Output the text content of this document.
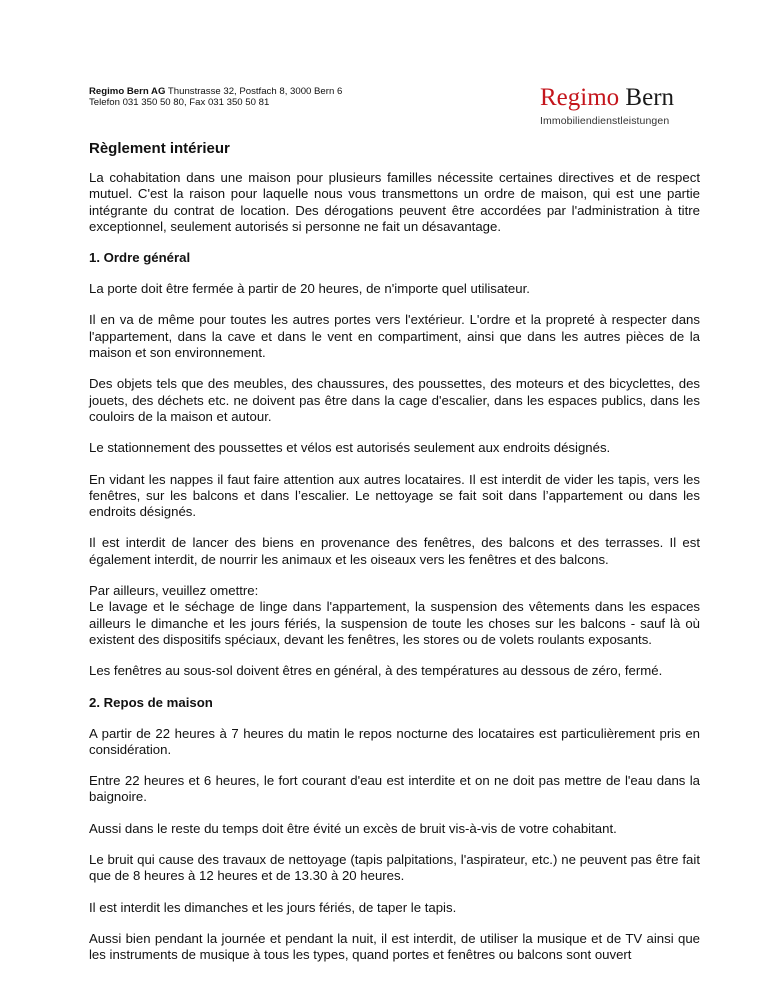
Regimo Bern AG Thunstrasse 32, Postfach 8, 3000 Bern 6
Telefon 031 350 50 80, Fax 031 350 50 81	Regimo Bern
Immobiliendienstleistungen
Règlement intérieur

La cohabitation dans une maison pour plusieurs familles nécessite certaines directives et de respect mutuel. C'est la raison pour laquelle nous vous transmettons un ordre de maison, qui est une partie intégrante du contrat de location. Des dérogations peuvent être accordées par l'administration à titre exceptionnel, seulement autorisés si personne ne fait un désavantage.

1. Ordre général

La porte doit être fermée à partir de 20 heures, de n'importe quel utilisateur.

Il en va de même pour toutes les autres portes vers l'extérieur. L'ordre et la propreté à respecter dans l'appartement, dans la cave et dans le vent en compartiment, ainsi que dans les autres pièces de la maison et son environnement.

Des objets tels que des meubles, des chaussures, des poussettes, des moteurs et des bicyclettes, des jouets, des déchets etc. ne doivent pas être dans la cage d'escalier, dans les espaces publics, dans les couloirs de la maison et autour.

Le stationnement des poussettes et vélos est autorisés seulement aux endroits désignés.

En vidant les nappes il faut faire attention aux autres locataires. Il est interdit de vider les tapis, vers les fenêtres, sur les balcons et dans l’escalier. Le nettoyage se fait soit dans l’appartement ou dans les endroits désignés.

Il est interdit de lancer des biens en provenance des fenêtres, des balcons et des terrasses. Il est également interdit, de nourrir les animaux et les oiseaux vers les fenêtres et des balcons.

Par ailleurs, veuillez omettre:
Le lavage et le séchage de linge dans l'appartement, la suspension des vêtements dans les espaces ailleurs le dimanche et les jours fériés, la suspension de toute les choses sur les balcons - sauf là où existent des dispositifs spéciaux, devant les fenêtres, les stores ou de volets roulants exposants.

Les fenêtres au sous-sol doivent êtres en général, à des températures au dessous de zéro, fermé.

2. Repos de maison

A partir de 22 heures à 7 heures du matin le repos nocturne des locataires est particulièrement pris en considération.

Entre 22 heures et 6 heures, le fort courant d'eau est interdite et on ne doit pas mettre de l'eau dans la baignoire.

Aussi dans le reste du temps doit être évité un excès de bruit vis-à-vis de votre cohabitant.

Le bruit qui cause des travaux de nettoyage (tapis palpitations, l'aspirateur, etc.) ne peuvent pas être fait que de 8 heures à 12 heures et de 13.30 à 20 heures.

Il est interdit les dimanches et les jours fériés, de taper le tapis.

Aussi bien pendant la journée et pendant la nuit, il est interdit, de utiliser la musique et de TV ainsi que les instruments de musique à tous les types, quand portes et fenêtres ou balcons sont ouvert
